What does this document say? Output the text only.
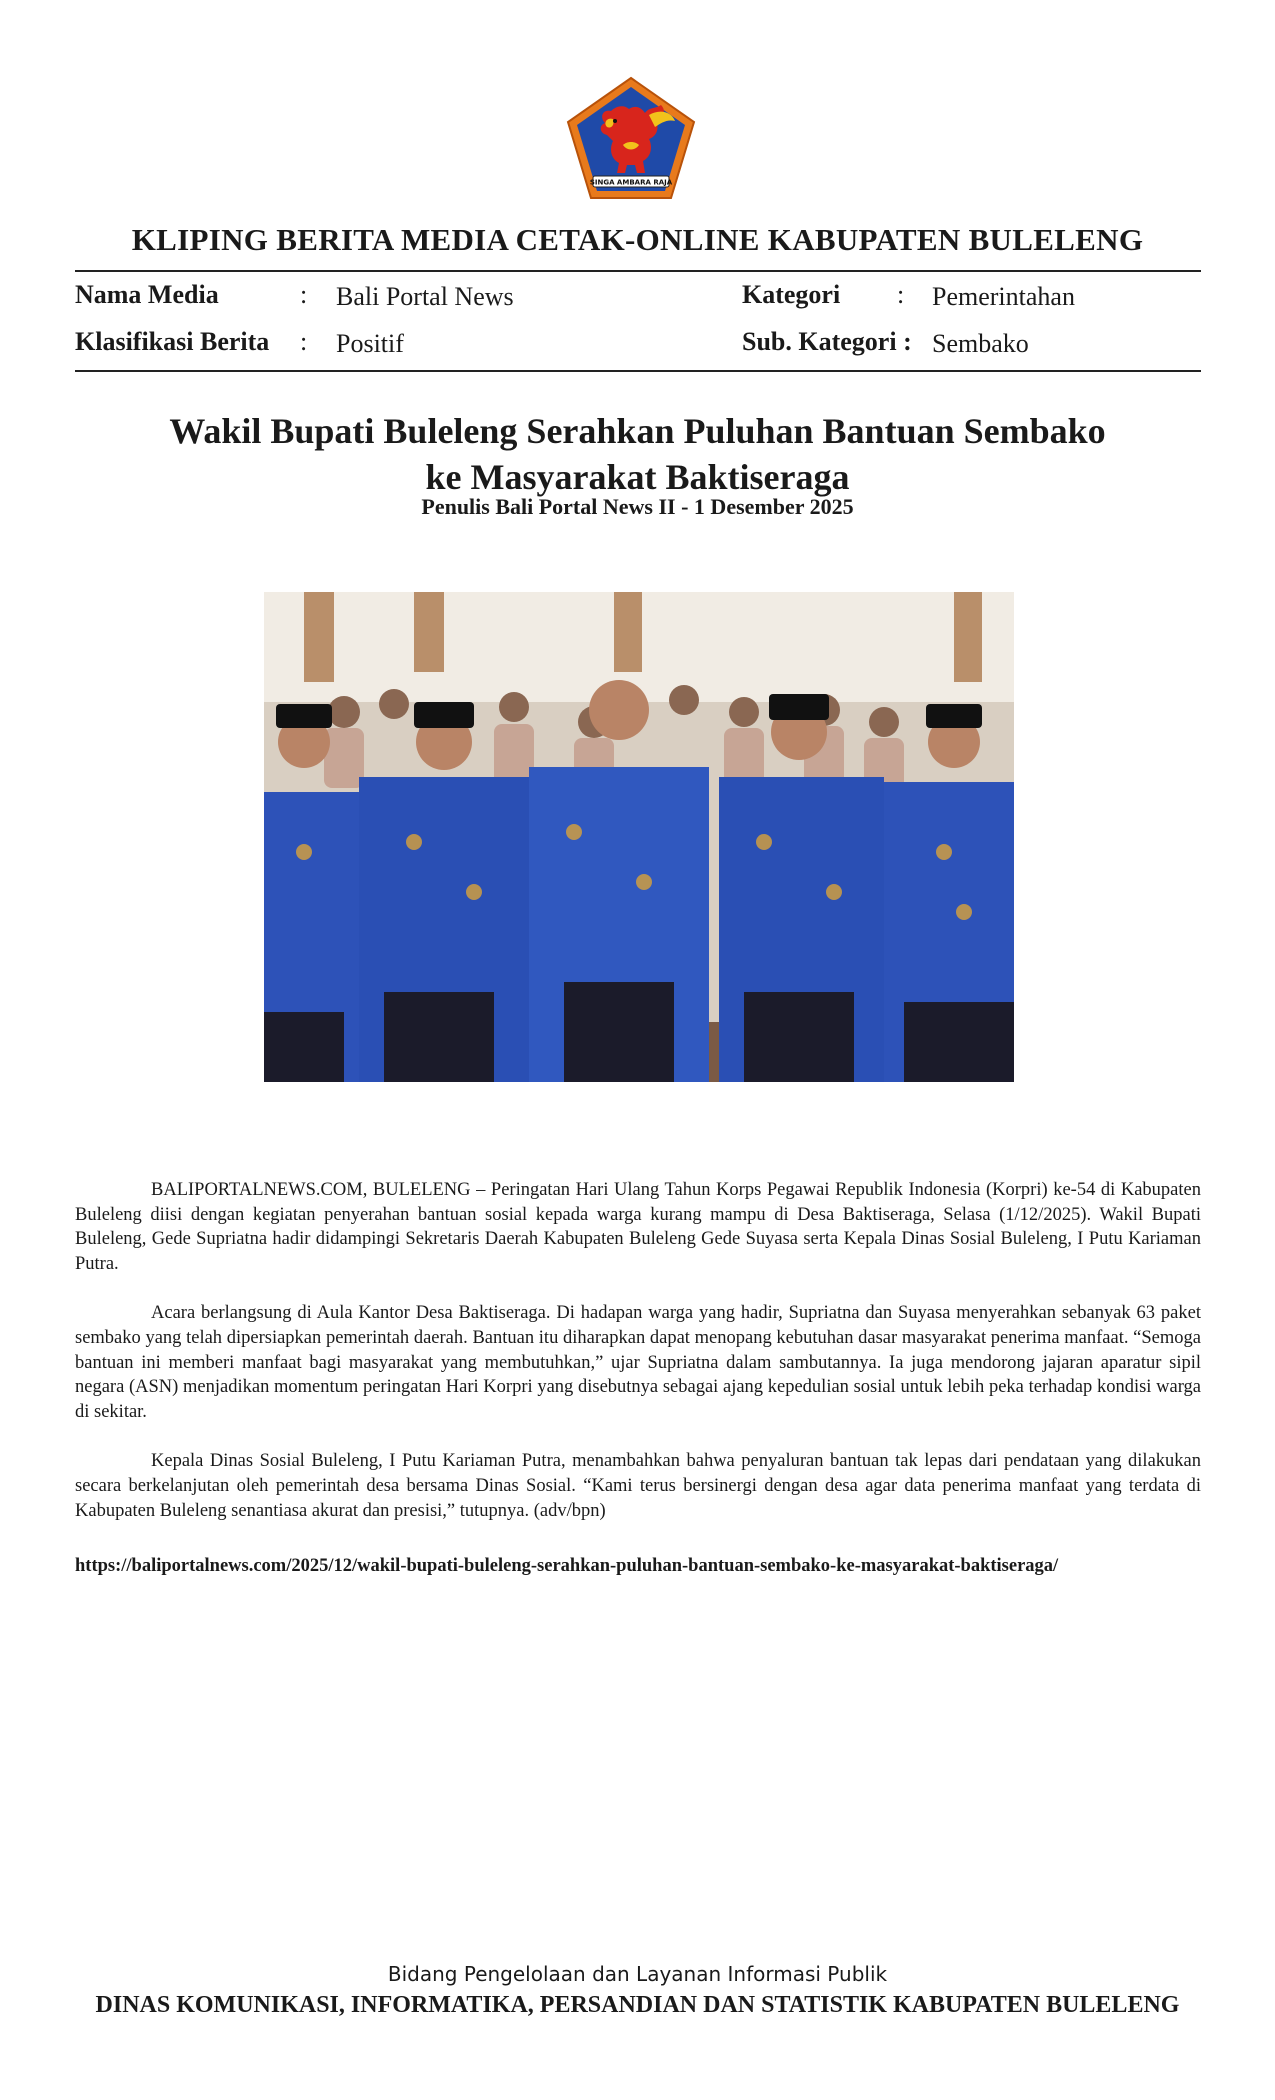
SINGA AMBARA RAJA
KLIPING BERITA MEDIA CETAK-ONLINE KABUPATEN BULELENG
Nama Media	: Bali Portal News
Klasifikasi Berita : Positif
Kategori : Pemerintahan
Sub. Kategori : Sembako
Wakil Bupati Buleleng Serahkan Puluhan Bantuan Sembako
ke Masyarakat Baktiseraga
Penulis Bali Portal News II - 1 Desember 2025

BALIPORTALNEWS.COM, BULELENG – Peringatan Hari Ulang Tahun Korps Pegawai Republik Indonesia (Korpri) ke-54 di Kabupaten Buleleng diisi dengan kegiatan penyerahan bantuan sosial kepada warga kurang mampu di Desa Baktiseraga, Selasa (1/12/2025). Wakil Bupati Buleleng, Gede Supriatna hadir didampingi Sekretaris Daerah Kabupaten Buleleng Gede Suyasa serta Kepala Dinas Sosial Buleleng, I Putu Kariaman Putra.

Acara berlangsung di Aula Kantor Desa Baktiseraga. Di hadapan warga yang hadir, Supriatna dan Suyasa menyerahkan sebanyak 63 paket sembako yang telah dipersiapkan pemerintah daerah. Bantuan itu diharapkan dapat menopang kebutuhan dasar masyarakat penerima manfaat. “Semoga bantuan ini memberi manfaat bagi masyarakat yang membutuhkan,” ujar Supriatna dalam sambutannya. Ia juga mendorong jajaran aparatur sipil negara (ASN) menjadikan momentum peringatan Hari Korpri yang disebutnya sebagai ajang kepedulian sosial untuk lebih peka terhadap kondisi warga di sekitar.

Kepala Dinas Sosial Buleleng, I Putu Kariaman Putra, menambahkan bahwa penyaluran bantuan tak lepas dari pendataan yang dilakukan secara berkelanjutan oleh pemerintah desa bersama Dinas Sosial. “Kami terus bersinergi dengan desa agar data penerima manfaat yang terdata di Kabupaten Buleleng senantiasa akurat dan presisi,” tutupnya. (adv/bpn)

https://baliportalnews.com/2025/12/wakil-bupati-buleleng-serahkan-puluhan-bantuan-sembako-ke-masyarakat-baktiseraga/
Bidang Pengelolaan dan Layanan Informasi Publik
DINAS KOMUNIKASI, INFORMATIKA, PERSANDIAN DAN STATISTIK KABUPATEN BULELENG
